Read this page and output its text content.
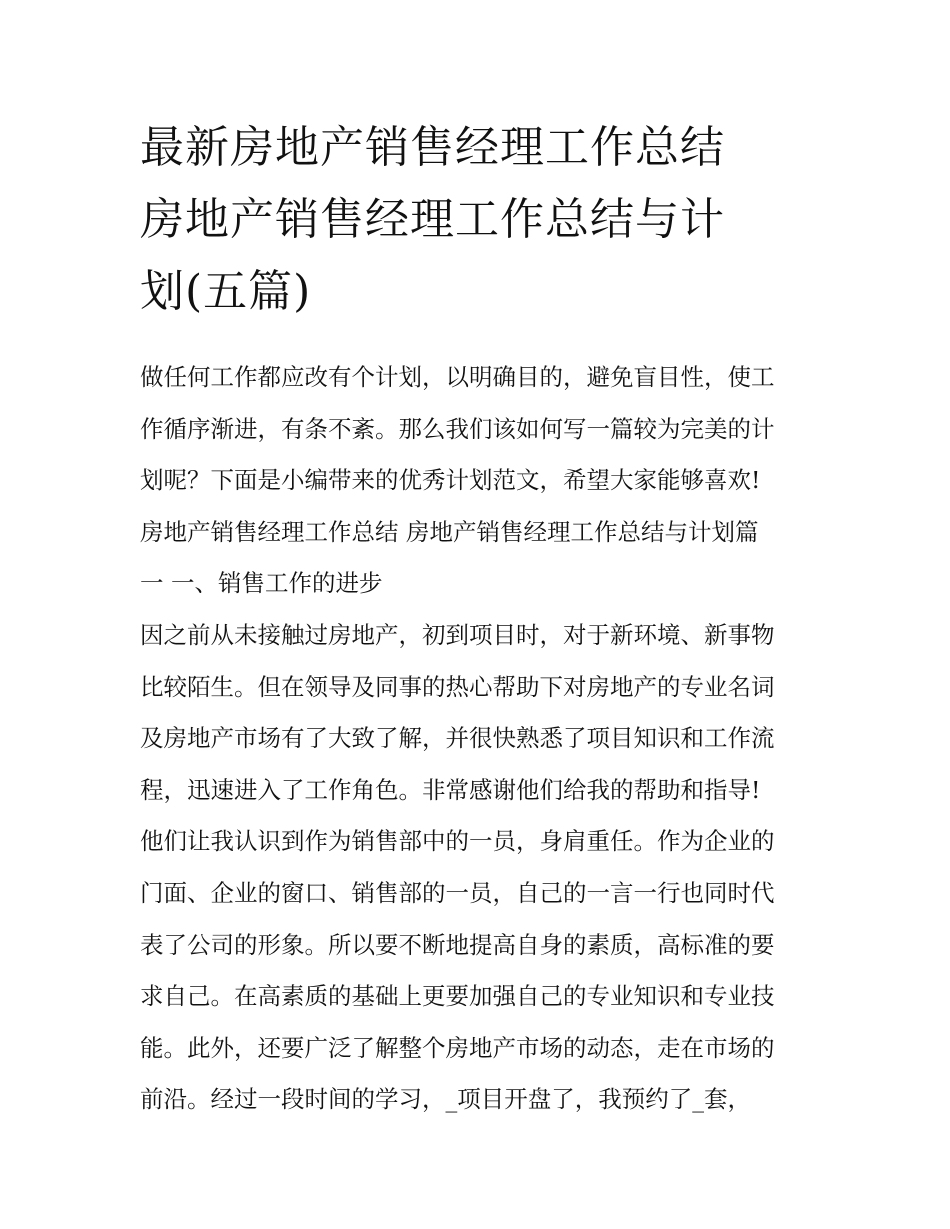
最新房地产销售经理工作总结
房地产销售经理工作总结与计
划(五篇)
做任何工作都应改有个计划，以明确目的，避免盲目性，使工
作循序渐进，有条不紊。那么我们该如何写一篇较为完美的计
划呢？下面是小编带来的优秀计划范文，希望大家能够喜欢!
房地产销售经理工作总结 房地产销售经理工作总结与计划篇
一 一、销售工作的进步
因之前从未接触过房地产，初到项目时，对于新环境、新事物
比较陌生。但在领导及同事的热心帮助下对房地产的专业名词
及房地产市场有了大致了解，并很快熟悉了项目知识和工作流
程，迅速进入了工作角色。非常感谢他们给我的帮助和指导!
他们让我认识到作为销售部中的一员，身肩重任。作为企业的
门面、企业的窗口、销售部的一员，自己的一言一行也同时代
表了公司的形象。所以要不断地提高自身的素质，高标准的要
求自己。在高素质的基础上更要加强自己的专业知识和专业技
能。此外，还要广泛了解整个房地产市场的动态，走在市场的
前沿。经过一段时间的学习，_项目开盘了，我预约了_套，
